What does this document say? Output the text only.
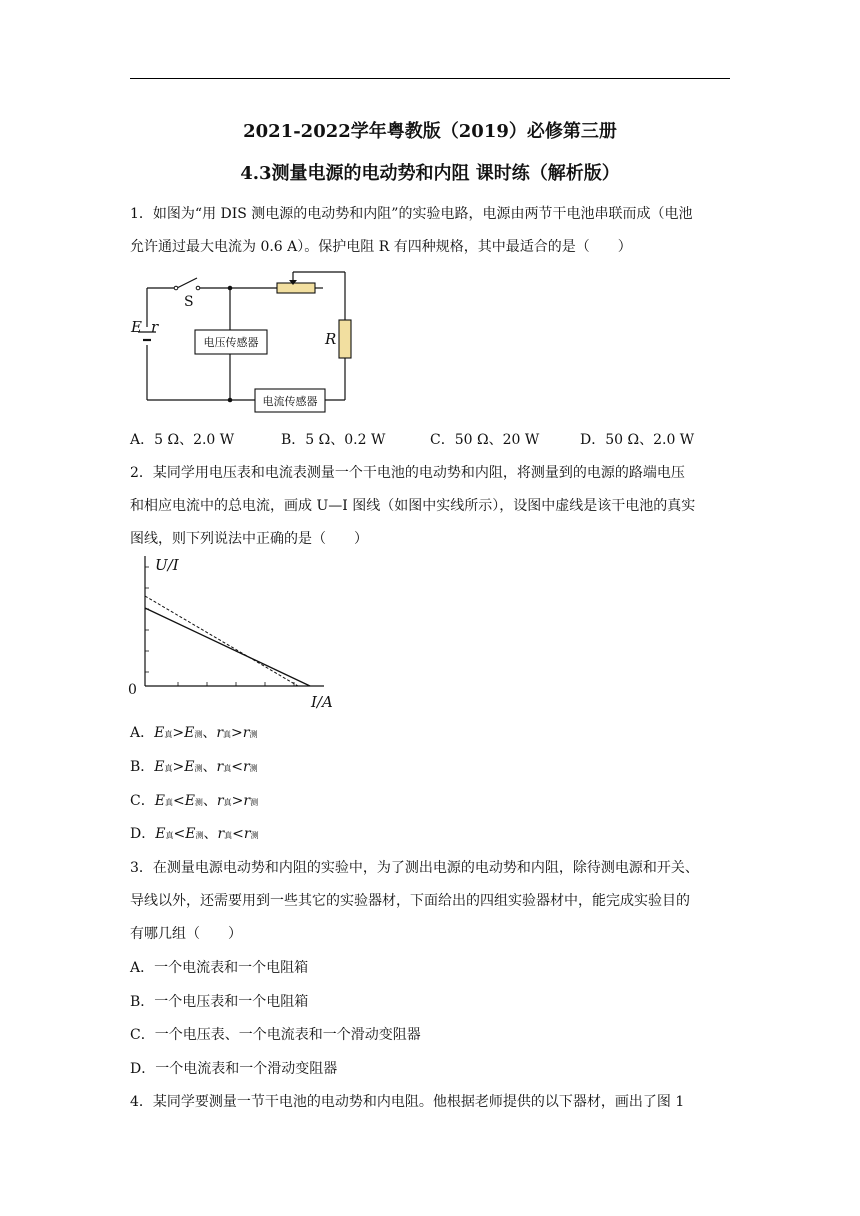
2021-2022学年粤教版（2019）必修第三册
4.3测量电源的电动势和内阻 课时练（解析版）
1．如图为“用 DIS 测电源的电动势和内阻”的实验电路，电源由两节干电池串联而成（电池
允许通过最大电流为 0.6 A）。保护电阻 R 有四种规格，其中最适合的是（　　）
电压传感器
电流传感器
S
E r
R
A．5 Ω、2.0 W	B．5 Ω、0.2 W	C．50 Ω、20 W	D．50 Ω、2.0 W
2．某同学用电压表和电流表测量一个干电池的电动势和内阻，将测量到的电源的路端电压
和相应电流中的总电流，画成 U—I 图线（如图中实线所示），设图中虚线是该干电池的真实
图线，则下列说法中正确的是（　　）
U/I
0
I/A
A．E真>E测、r真>r测
B．E真>E测、r真<r测
C．E真<E测、r真>r测
D．E真<E测、r真<r测
3．在测量电源电动势和内阻的实验中，为了测出电源的电动势和内阻，除待测电源和开关、
导线以外，还需要用到一些其它的实验器材，下面给出的四组实验器材中，能完成实验目的
有哪几组（　　）
A．一个电流表和一个电阻箱
B．一个电压表和一个电阻箱
C．一个电压表、一个电流表和一个滑动变阻器
D．一个电流表和一个滑动变阻器
4．某同学要测量一节干电池的电动势和内电阻。他根据老师提供的以下器材，画出了图 1
